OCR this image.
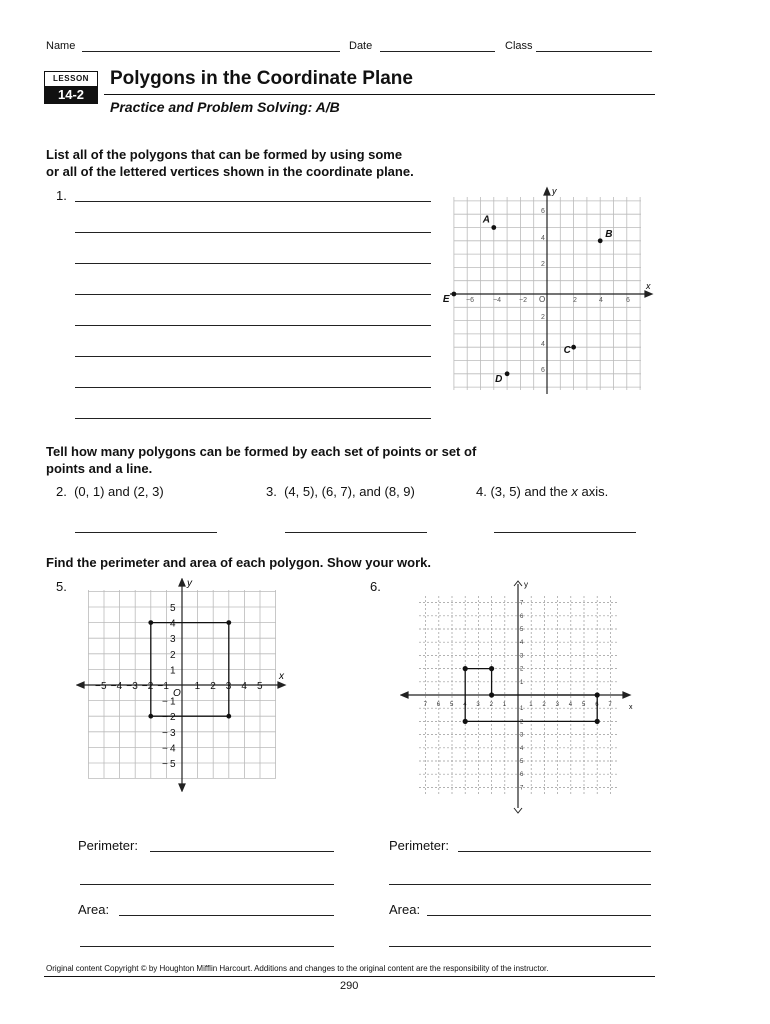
Name	Date	Class
LESSON
14-2
Polygons in the Coordinate Plane
Practice and Problem Solving: A/B
List all of the polygons that can be formed by using some
or all of the lettered vertices shown in the coordinate plane.
1.
x
y
O
−6	−4	−2	2	4	6
6
4
2
2
4
6
A
B
C
D
E
Tell how many polygons can be formed by each set of points or set of
points and a line.
2. (0, 1) and (2, 3)	3. (4, 5), (6, 7), and (8, 9)	4. (3, 5) and the x axis.
Find the perimeter and area of each polygon. Show your work.
5.	6.
x
y
O
5
− 4
− 3
− 2
− 1
−	1 2 3 4 5
5
4
3
2
1
1
−
2
−
3
−
4
−
5
−
x
y
7 6 5 4 3 2 1	1 2 3 4 5 6 7
7
6
5
4
3
2
1
1
2
3
4
5
6
7
Perimeter:
Area:
Perimeter:
Area:
Original content Copyright © by Houghton Mifflin Harcourt. Additions and changes to the original content are the responsibility of the instructor.
290
